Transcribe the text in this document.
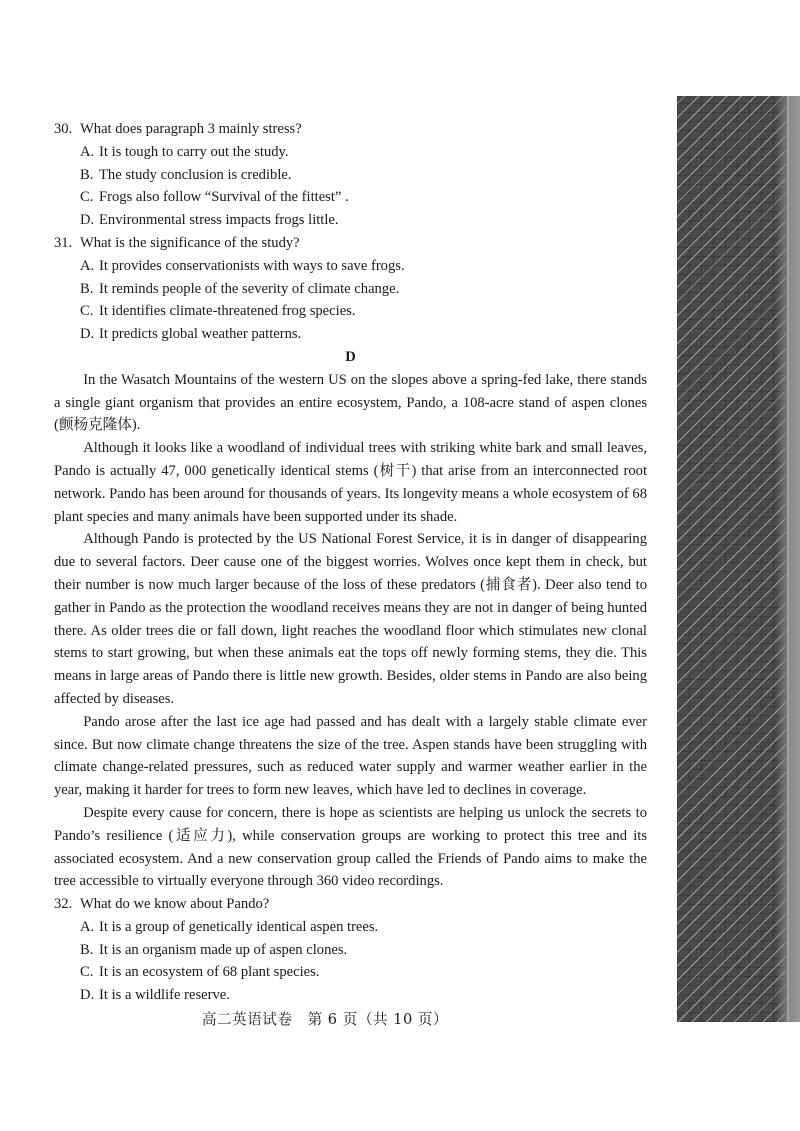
30. What does paragraph 3 mainly stress?

A. It is tough to carry out the study.
B. The study conclusion is credible.
C. Frogs also follow “Survival of the fittest” .
D. Environmental stress impacts frogs little.

31. What is the significance of the study?

A. It provides conservationists with ways to save frogs.
B. It reminds people of the severity of climate change.
C. It identifies climate-threatened frog species.
D. It predicts global weather patterns.

D

In the Wasatch Mountains of the western US on the slopes above a spring-fed lake, there stands a single giant organism that provides an entire ecosystem, Pando, a 108-acre stand of aspen clones (颤杨克隆体).

Although it looks like a woodland of individual trees with striking white bark and small leaves, Pando is actually 47, 000 genetically identical stems (树干) that arise from an interconnected root network. Pando has been around for thousands of years. Its longevity means a whole ecosystem of 68 plant species and many animals have been supported under its shade.

Although Pando is protected by the US National Forest Service, it is in danger of disappearing due to several factors. Deer cause one of the biggest worries. Wolves once kept them in check, but their number is now much larger because of the loss of these predators (捕食者). Deer also tend to gather in Pando as the protection the woodland receives means they are not in danger of being hunted there. As older trees die or fall down, light reaches the woodland floor which stimulates new clonal stems to start growing, but when these animals eat the tops off newly forming stems, they die. This means in large areas of Pando there is little new growth. Besides, older stems in Pando are also being affected by diseases.

Pando arose after the last ice age had passed and has dealt with a largely stable climate ever since. But now climate change threatens the size of the tree. Aspen stands have been struggling with climate change-related pressures, such as reduced water supply and warmer weather earlier in the year, making it harder for trees to form new leaves, which have led to declines in coverage.

Despite every cause for concern, there is hope as scientists are helping us unlock the secrets to Pando’s resilience (适应力), while conservation groups are working to protect this tree and its associated ecosystem. And a new conservation group called the Friends of Pando aims to make the tree accessible to virtually everyone through 360 video recordings.

32. What do we know about Pando?

A. It is a group of genetically identical aspen trees.
B. It is an organism made up of aspen clones.
C. It is an ecosystem of 68 plant species.
D. It is a wildlife reserve.
高二英语试卷　第 6 页（共 10 页）
